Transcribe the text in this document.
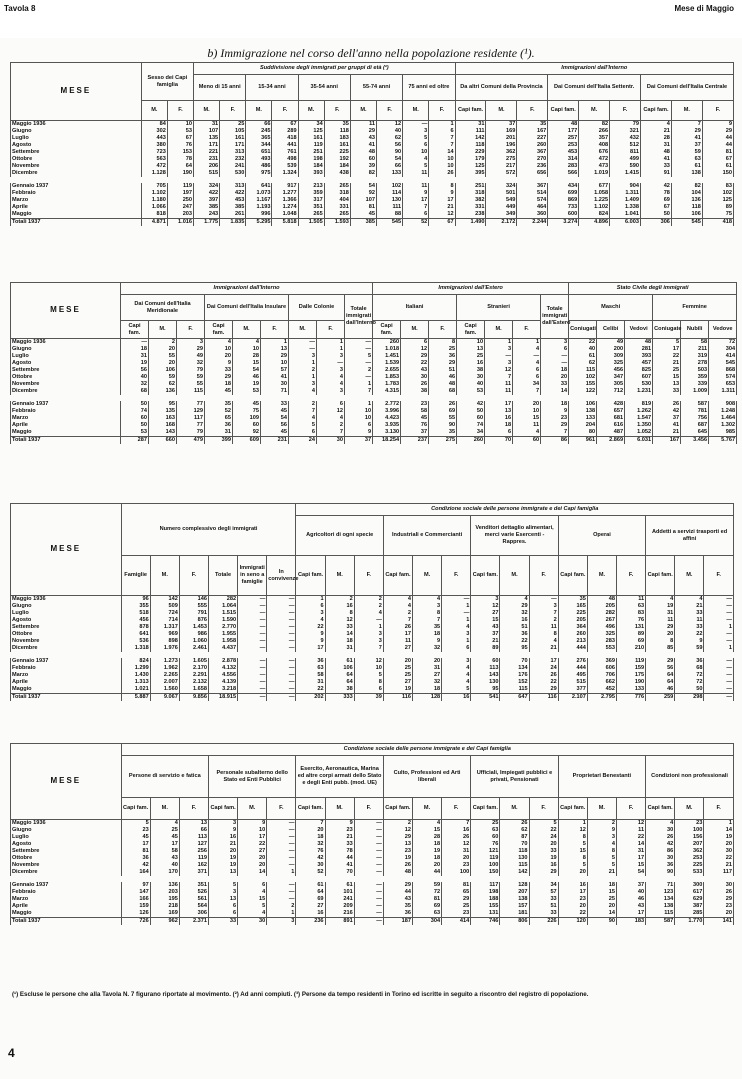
Tavola 8	Mese di Maggio
b) Immigrazione nel corso dell'anno nella popolazione residente (¹).
MESE	Sesso dei Capi famiglia		Suddivisione degli immigrati per gruppi di età (²)										Immigrazioni dall'Interno								
			Meno di 15 anni		15-34 anni		35-54 anni		55-74 anni		75 anni ed oltre		Da altri Comuni della Provincia			Dai Comuni dell'Italia Settentr.			Dai Comuni dell'Italia Centrale		
	M.	F.	M.	F.	M.	F.	M.	F.	M.	F.	M.	F.	Capi fam.	M.	F.	Capi fam.	M.	F.	Capi fam.	M.	F.
Maggio 1936	84	10	31	25	66	67	34	35	11	12	—	1	31	37	35	48	82	79	4	7	9
Giugno	302	53	107	105	245	289	125	118	29	40	3	6	111	169	167	177	266	321	21	29	29
Luglio	443	67	135	161	365	418	161	183	43	62	5	7	142	201	227	257	357	432	28	41	44
Agosto	380	76	171	171	344	441	119	161	41	56	6	7	118	196	260	253	408	512	31	37	44
Settembre	723	153	221	313	651	761	251	225	48	90	10	14	229	362	367	453	676	811	48	59	81
Ottobre	563	78	231	232	493	498	198	192	60	54	4	10	179	275	270	314	472	499	41	63	67
Novembre	472	64	206	241	486	539	184	184	39	66	5	10	125	217	236	283	473	590	33	61	61
Dicembre	1.128	190	515	530	975	1.324	393	438	82	133	11	26	395	572	656	566	1.019	1.415	91	138	150

Gennaio 1937	705	119	324	313	641	917	213	265	54	102	11	8	251	324	367	434	677	904	42	82	83
Febbraio	1.102	197	422	422	1.073	1.277	359	318	92	114	9	9	318	501	514	699	1.058	1.311	78	104	102
Marzo	1.180	250	397	453	1.167	1.366	317	404	107	130	17	17	382	549	574	869	1.225	1.409	69	136	125
Aprile	1.066	247	385	385	1.193	1.274	351	331	81	111	7	21	331	449	464	733	1.102	1.338	67	118	89
Maggio	818	203	243	261	996	1.048	265	265	45	88	6	12	238	349	360	600	824	1.041	50	106	75
Totali 1937	4.871	1.016	1.775	1.835	5.295	5.818	1.505	1.593	385	545	52	67	1.490	2.172	2.244	3.274	4.896	6.003	306	545	418
MESE	Immigrazioni dall'Interno									Immigrazioni dall'Estero							Stato Civile degli immigrati						
	Dai Comuni dell'Italia Meridionale			Dai Comuni dell'Italia Insulare			Dalle Colonie		Totale immigrati dall'Interno	Italiani			Stranieri			Totale immigrati dall'Estero	Maschi			Femmine			
	Capi fam.	M.	F.	Capi fam.	M.	F.	M.	F.		Capi fam.	M.	F.	Capi fam.	M.	F.		Coniugati	Celibi	Vedovi	Coniugate	Nubili	Vedove	
Maggio 1936	—	2	3	4	4	1	—	1	—	260	6	8	10	1	1	3	22	49	48	5	58	72	
Giugno	18	20	29	10	10	13	—	1	—	1.018	12	25	13	3	4	6	40	200	281	17	211	304	
Luglio	31	55	49	20	28	29	3	3	5	1.451	29	36	25	—	—	—	61	309	393	22	319	414	
Agosto	19	20	32	9	15	10	1	—	—	1.539	22	29	16	3	4	—	62	325	457	21	278	545	
Settembre	56	106	79	33	54	57	2	3	2	2.655	43	51	38	12	6	18	115	456	825	25	503	868	
Ottobre	40	59	59	29	46	41	1	4	—	1.853	30	46	30	7	6	20	102	347	607	15	359	574	
Novembre	32	62	55	18	19	30	3	4	1	1.783	26	48	40	11	34	33	155	305	530	13	339	653	
Dicembre	68	136	115	45	53	71	4	3	7	4.315	38	68	53	11	7	14	122	712	1.231	33	1.009	1.311	

Gennaio 1937	50	95	77	35	45	33	2	6	1	2.772	23	26	42	17	20	18	106	428	819	26	587	908	
Febbraio	74	135	129	52	75	45	7	12	10	3.996	58	69	50	13	10	9	138	657	1.262	42	781	1.248	
Marzo	60	163	117	65	109	54	4	4	10	4.423	45	55	60	16	15	23	133	681	1.547	37	756	1.464	
Aprile	50	168	77	36	60	56	5	2	6	3.935	76	90	74	18	11	29	204	616	1.350	41	687	1.302	
Maggio	53	143	79	31	92	45	6	7	9	3.130	37	35	34	6	4	7	80	487	1.052	21	645	985	
Totali 1937	287	660	479	399	609	231	24	30	37	18.254	237	275	260	70	60	86	961	2.869	6.031	167	3.456	5.767	
MESE	Numero complessivo degli immigrati						Condizione sociale delle persone immigrate e dei Capi famiglia														
							Agricoltori di ogni specie			Industriali e Commercianti			Venditori dettaglio alimentari, merci varie Esercenti - Rappres.			Operai			Addetti a servizi trasporti ed affini		
	Famiglie	M.	F.	Totale	Immigrati in seno a famiglie	In convivenze	Capi fam.	M.	F.	Capi fam.	M.	F.	Capi fam.	M.	F.	Capi fam.	M.	F.	Capi fam.	M.	F.
Maggio 1936	96	142	146	282	—	—	1	2	2	4	4	—	3	4	—	35	48	11	4	4	—
Giugno	355	509	555	1.064	—	—	6	16	2	4	3	1	12	29	3	165	205	63	19	21	—
Luglio	518	724	791	1.515	—	—	3	8	4	2	8	—	27	32	7	225	282	83	31	33	—
Agosto	456	714	876	1.590	—	—	4	12	—	7	7	1	15	16	2	205	267	76	11	11	—
Settembre	878	1.317	1.453	2.770	—	—	22	33	1	26	35	4	43	51	11	364	496	131	29	33	1
Ottobre	641	969	986	1.955	—	—	9	14	3	17	18	3	37	36	8	260	325	89	20	22	—
Novembre	536	898	1.060	1.958	—	—	9	18	3	11	9	1	21	22	4	213	283	69	8	9	—
Dicembre	1.318	1.976	2.461	4.437	—	—	17	31	7	27	32	6	89	95	21	444	553	210	85	59	1

Gennaio 1937	824	1.273	1.605	2.878	—	—	36	61	12	20	20	3	60	70	17	276	369	119	29	36	—
Febbraio	1.299	1.962	2.170	4.132	—	—	63	106	10	25	31	4	113	134	24	444	606	159	56	68	—
Marzo	1.430	2.265	2.291	4.556	—	—	58	64	5	25	27	4	143	176	26	495	706	175	64	72	—
Aprile	1.313	2.007	2.132	4.139	—	—	31	64	8	27	32	4	130	152	22	515	662	190	64	72	—
Maggio	1.021	1.560	1.658	3.218	—	—	22	38	6	19	18	5	95	115	29	377	452	133	46	50	—
Totali 1937	5.887	9.067	9.856	18.915	—	—	202	333	39	116	128	16	541	647	116	2.107	2.795	776	259	298	—
MESE	Condizione sociale delle persone immigrate e dei Capi famiglia																				
	Persone di servizio e fatica			Personale subalterno dello Stato ed Enti Pubblici			Esercito, Aeronautica, Marina ed altre corpi armati dello Stato e degli Enti pubb. (mod. UE)			Culto, Professioni ed Arti liberali			Ufficiali, Impiegati pubblici e privati, Pensionati			Proprietari Benestanti			Condizioni non professionali		
	Capi fam.	M.	F.	Capi fam.	M.	F.	Capi fam.	M.	F.	Capi fam.	M.	F.	Capi fam.	M.	F.	Capi fam.	M.	F.	Capi fam.	M.	F.
Maggio 1936	5	4	13	3	9	—	7	9	—	2	4	7	25	26	5	1	2	12	4	23	1
Giugno	23	25	66	9	10	—	20	23	—	12	15	16	63	62	22	12	9	11	30	100	14
Luglio	45	45	113	16	17	—	18	21	—	29	28	26	60	87	24	8	3	22	26	156	19
Agosto	17	17	127	21	22	—	32	33	—	13	18	12	76	70	20	5	4	14	42	207	20
Settembre	81	58	256	20	27	—	76	78	—	23	19	31	121	118	33	15	8	31	86	362	30
Ottobre	36	43	119	19	20	—	42	44	—	19	18	20	119	130	19	8	5	17	30	253	22
Novembre	42	40	162	19	20	—	30	41	—	26	20	23	100	115	16	5	5	15	36	225	21
Dicembre	164	170	371	13	14	1	52	70	—	48	44	100	150	142	29	20	21	54	90	533	117

Gennaio 1937	97	136	351	5	6	—	61	61	—	29	59	81	117	128	34	16	18	37	71	300	30
Febbraio	147	203	526	3	4	—	64	101	—	44	72	65	198	207	57	17	15	40	123	617	26
Marzo	166	195	561	13	15	—	69	241	—	43	81	29	188	138	33	23	25	46	134	629	29
Aprile	159	218	564	6	5	2	27	209	—	35	69	25	155	157	51	20	20	43	138	387	23
Maggio	126	169	306	6	4	1	16	216	—	36	63	23	131	181	33	22	14	17	115	285	20
Totali 1937	726	962	2.371	33	30	3	236	891	—	187	304	414	746	806	226	120	90	183	587	1.770	141
(¹) Escluse le persone che alla Tavola N. 7 figurano riportate al movimento. (²) Ad anni compiuti. (³) Persone da tempo residenti in Torino ed iscritte in seguito a riscontro del registro di popolazione.
4
